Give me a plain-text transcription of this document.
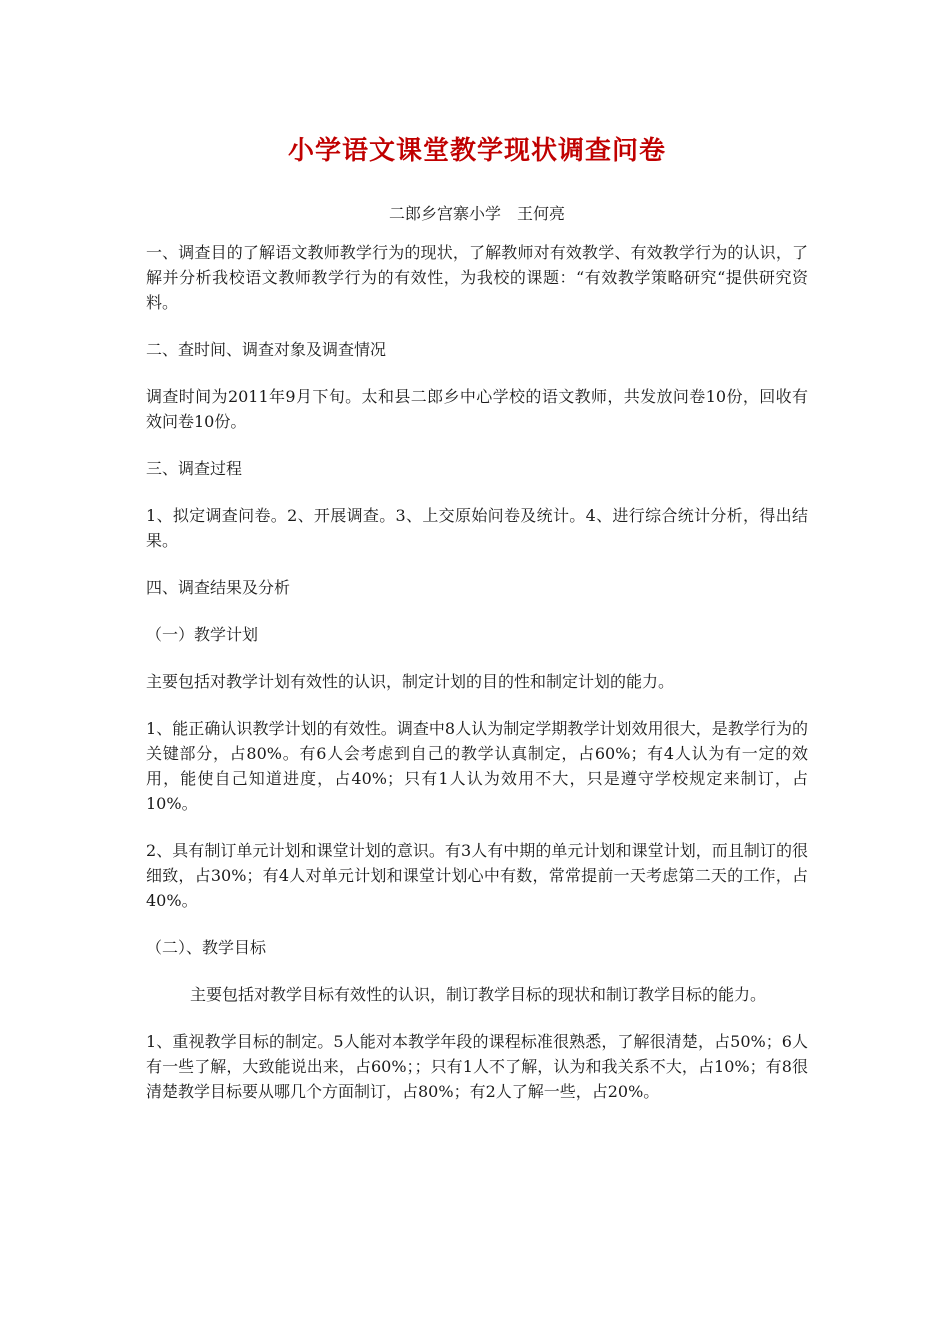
小学语文课堂教学现状调查问卷

二郎乡宫寨小学　王何亮

一、调查目的了解语文教师教学行为的现状，了解教师对有效教学、有效教学行为的认识，了解并分析我校语文教师教学行为的有效性，为我校的课题：“有效教学策略研究“提供研究资料。

二、查时间、调查对象及调查情况

调查时间为2011年9月下旬。太和县二郎乡中心学校的语文教师，共发放问卷10份，回收有效问卷10份。

三、调查过程

1、拟定调查问卷。2、开展调查。3、上交原始问卷及统计。4、进行综合统计分析，得出结果。

四、调查结果及分析

（一）教学计划

主要包括对教学计划有效性的认识，制定计划的目的性和制定计划的能力。

1、能正确认识教学计划的有效性。调查中8人认为制定学期教学计划效用很大，是教学行为的关键部分，占80%。有6人会考虑到自己的教学认真制定，占60%；有4人认为有一定的效用，能使自己知道进度，占40%；只有1人认为效用不大，只是遵守学校规定来制订，占10%。

2、具有制订单元计划和课堂计划的意识。有3人有中期的单元计划和课堂计划，而且制订的很细致，占30%；有4人对单元计划和课堂计划心中有数，常常提前一天考虑第二天的工作，占40%。

（二）、教学目标

主要包括对教学目标有效性的认识，制订教学目标的现状和制订教学目标的能力。

1、重视教学目标的制定。5人能对本教学年段的课程标准很熟悉，了解很清楚，占50%；6人有一些了解，大致能说出来，占60%；；只有1人不了解，认为和我关系不大，占10%；有8很清楚教学目标要从哪几个方面制订，占80%；有2人了解一些，占20%。
